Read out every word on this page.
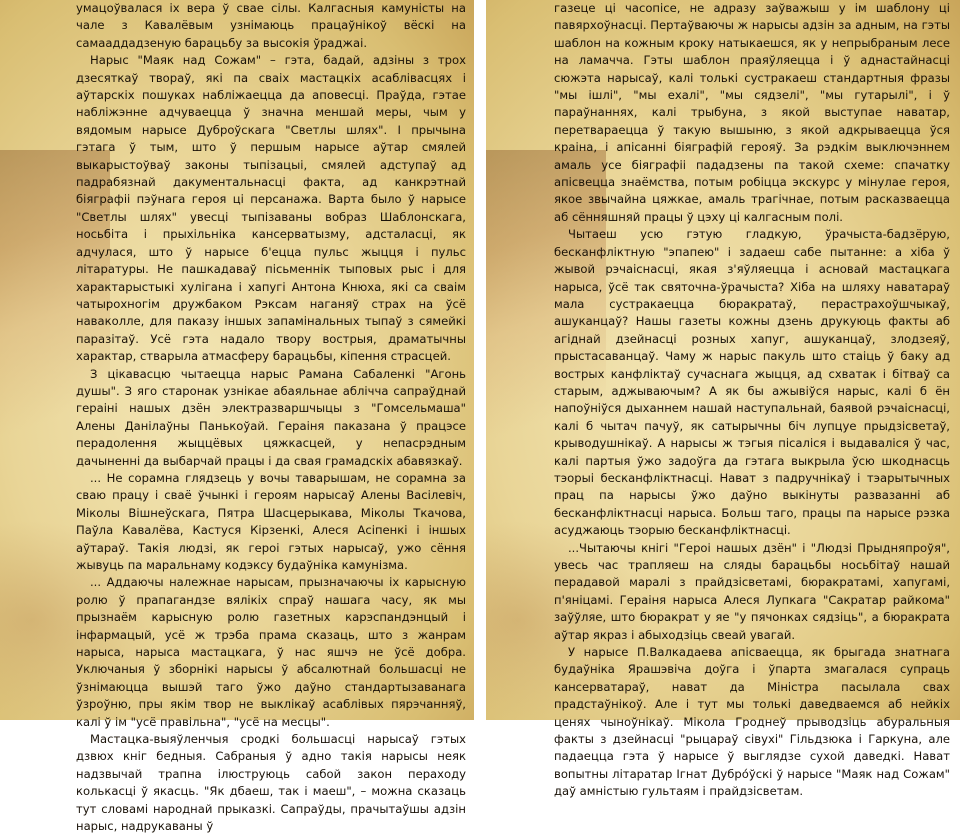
умацоўвалася іх вера ў свае сілы. Калгасныя камуністы на чале з Кавалёвым узнімаюць працаўнікоў вёскі на самааддадзеную барацьбу за высокія ўраджаі.

Нарыс "Маяк над Сожам" – гэта, бадай, адзіны з трох дзесяткаў твораў, які па сваіх мастацкіх асаблівасцях і аўтарскіх пошуках набліжаецца да аповесці. Праўда, гэтае набліжэнне адчуваецца ў значна меншай меры, чым у вядомым нарысе Дуброўскага "Светлы шлях". І прычына гэтага ў тым, што ў першым нарысе аўтар смялей выкарыстоўваў законы тыпізацыі, смялей адступаў ад падрабязнай дакументальнасці факта, ад канкрэтнай біяграфіі пэўнага героя ці персанажа. Варта было ў нарысе "Светлы шлях" увесці тыпізаваны вобраз Шаблонскага, носьбіта і прыхільніка кансерватызму, адсталасці, як адчулася, што ў нарысе б'ецца пульс жыцця і пульс літаратуры. Не пашкадаваў пісьменнік тыповых рыс і для характарыстыкі хулігана і хапугі Антона Кнюха, які са сваім чатырохногім дружбаком Рэксам наганяў страх на ўсё наваколле, для паказу іншых запамінальных тыпаў з сямейкі паразітаў. Усё гэта надало твору вострыя, драматычны характар, стварыла атмасферу барацьбы, кіпення страсцей.

З цікавасцю чытаецца нарыс Рамана Сабаленкі "Агонь душы". З яго старонак узнікае абаяльнае аблічча сапраўднай гераіні нашых дзён электразваршчыцы з "Гомсельмаша" Алены Данілаўны Панькоўай. Гераіня паказана ў працэсе перадолення жыццёвых цяжкасцей, у непасрэдным дачыненні да выбарчай працы і да свая грамадскіх абавязкаў.

... Не сорамна глядзець у вочы таварышам, не сорамна за сваю працу і сваё ўчынкі і героям нарысаў Алены Васілевіч, Міколы Вішнеўскага, Пятра Шасцерыкава, Міколы Ткачова, Паўла Кавалёва, Кастуся Кірзенкі, Алеся Асіпенкі і іншых аўтараў. Такія людзі, як героі гэтых нарысаў, ужо сёння жывуць па маральнаму кодэксу будаўніка камунізма.

... Аддаючы належнае нарысам, прызначаючы іх карысную ролю ў прапагандзе вялікіх спраў нашага часу, як мы прызнаём карысную ролю газетных карэспандэнцый і інфармацый, усё ж трэба прама сказаць, што з жанрам нарыса, нарыса мастацкага, ў нас яшчэ не ўсё добра. Уключаныя ў зборнікі нарысы ў абсалютнай большасці не ўзнімаюцца вышэй таго ўжо даўно стандартызаванага ўзроўню, пры якім твор не выклікаў асаблівых пярэчанняў, калі ў ім "усё правільна", "усё на месцы".

Мастацка-выяўленчыя сродкі большасці нарысаў гэтых дзвюх кніг бедныя. Сабраныя ў адно такія нарысы неяк надзвычай трапна ілюструюць сабой закон пераходу колькасці ў якасць. "Як дбаеш, так і маеш", – можна сказаць тут словамі народнай прыказкі. Сапраўды, прачытаўшы адзін нарыс, надрукаваны ў

газеце ці часопісе, не адразу заўважыш у ім шаблону ці павярхоўнасці. Пертаўваючы ж нарысы адзін за адным, на гэты шаблон на кожным кроку натыкаешся, як у непрыбраным лесе на ламачча. Гэты шаблон праяўляецца і ў аднастайнасці сюжэта нарысаў, калі толькі сустракаеш стандартныя фразы "мы ішлі", "мы ехалі", "мы сядзелі", "мы гутарылі", і ў параўнаннях, калі трыбуна, з якой выступае наватар, перетвараецца ў такую вышыню, з якой адкрываецца ўся краіна, і апісанні біяграфій герояў. За рэдкім выключэннем амаль усе біяграфіі пададзены па такой схеме: спачатку апісвецца знаёмства, потым робіцца экскурс у мінулае героя, якое звычайна цяжкае, амаль трагічнае, потым расказваецца аб сённяшняй працы ў цэху ці калгасным полі.

Чытаеш усю гэтую гладкую, ўрачыста-бадзёрую, бесканфліктную "эпапею" і задаеш сабе пытанне: а хіба ў жывой рэчаіснасці, якая з'яўляецца і асновай мастацкага нарыса, ўсё так святочна-ўрачыста? Хіба на шляху наватараў мала сустракаецца бюракратаў, перастрахоўшчыкаў, ашуканцаў? Нашы газеты кожны дзень друкуюць факты аб агіднай дзейнасці розных хапуг, ашуканцаў, злодзеяў, прыстасаванцаў. Чаму ж нарыс пакуль што стаіць ў баку ад вострых канфліктаў сучаснага жыцця, ад схватак і бітваў са старым, аджываючым? А як бы ажывіўся нарыс, калі б ён напоўніўся дыханнем нашай наступальнай, баявой рэчаіснасці, калі б чытач пачуў, як сатырычны біч лупцуе прыдзісветаў, крыводушнікаў. А нарысы ж тэгыя пісаліся і выдаваліся ў час, калі партыя ўжо задоўга да гэтага выкрыла ўсю шкоднасць тэорыі бесканфліктнасці. Нават з падручнікаў і тэарытычных прац па нарысы ўжо даўно выкінуты развазанні аб бесканфліктнасці нарыса. Больш таго, працы па нарысе рэзка асуджаюць тэорыю бесканфліктнасці.

...Чытаючы кнігі "Героі нашых дзён" і "Людзі Прыдняпроўя", увесь час трапляеш на сляды барацьбы носьбітаў нашай перадавой маралі з прайдзісветамі, бюракратамі, хапугамі, п'яніцамі. Гераіня нарыса Алеся Лупкага "Сакратар райкома" заўўляе, што бюракрат у яе "у пячонках сядзіць", а бюракрата аўтар якраз і абыходзіць свеай увагай.

У нарысе П.Валкадаева апісваецца, як брыгада знатнага будаўніка Ярашэвіча доўга і ўпарта змагалася супраць кансерватараў, нават да Міністра пасылала свах прадстаўнікоў. Але і тут мы толькі даведваемся аб нейкіх ценях чыноўнікаў. Мікола Гроднеў прыводзіць абуральныя факты з дзейнасці "рыцараў сівухі" Гільдзюка і Гаркуна, але падаецца гэта ў нарысе ў выглядзе сухой даведкі. Нават вопытны літаратар Ігнат Дубро́ўскі ў нарысе "Маяк над Сожам" даў амністыю гультаям і прайдзісветам.
